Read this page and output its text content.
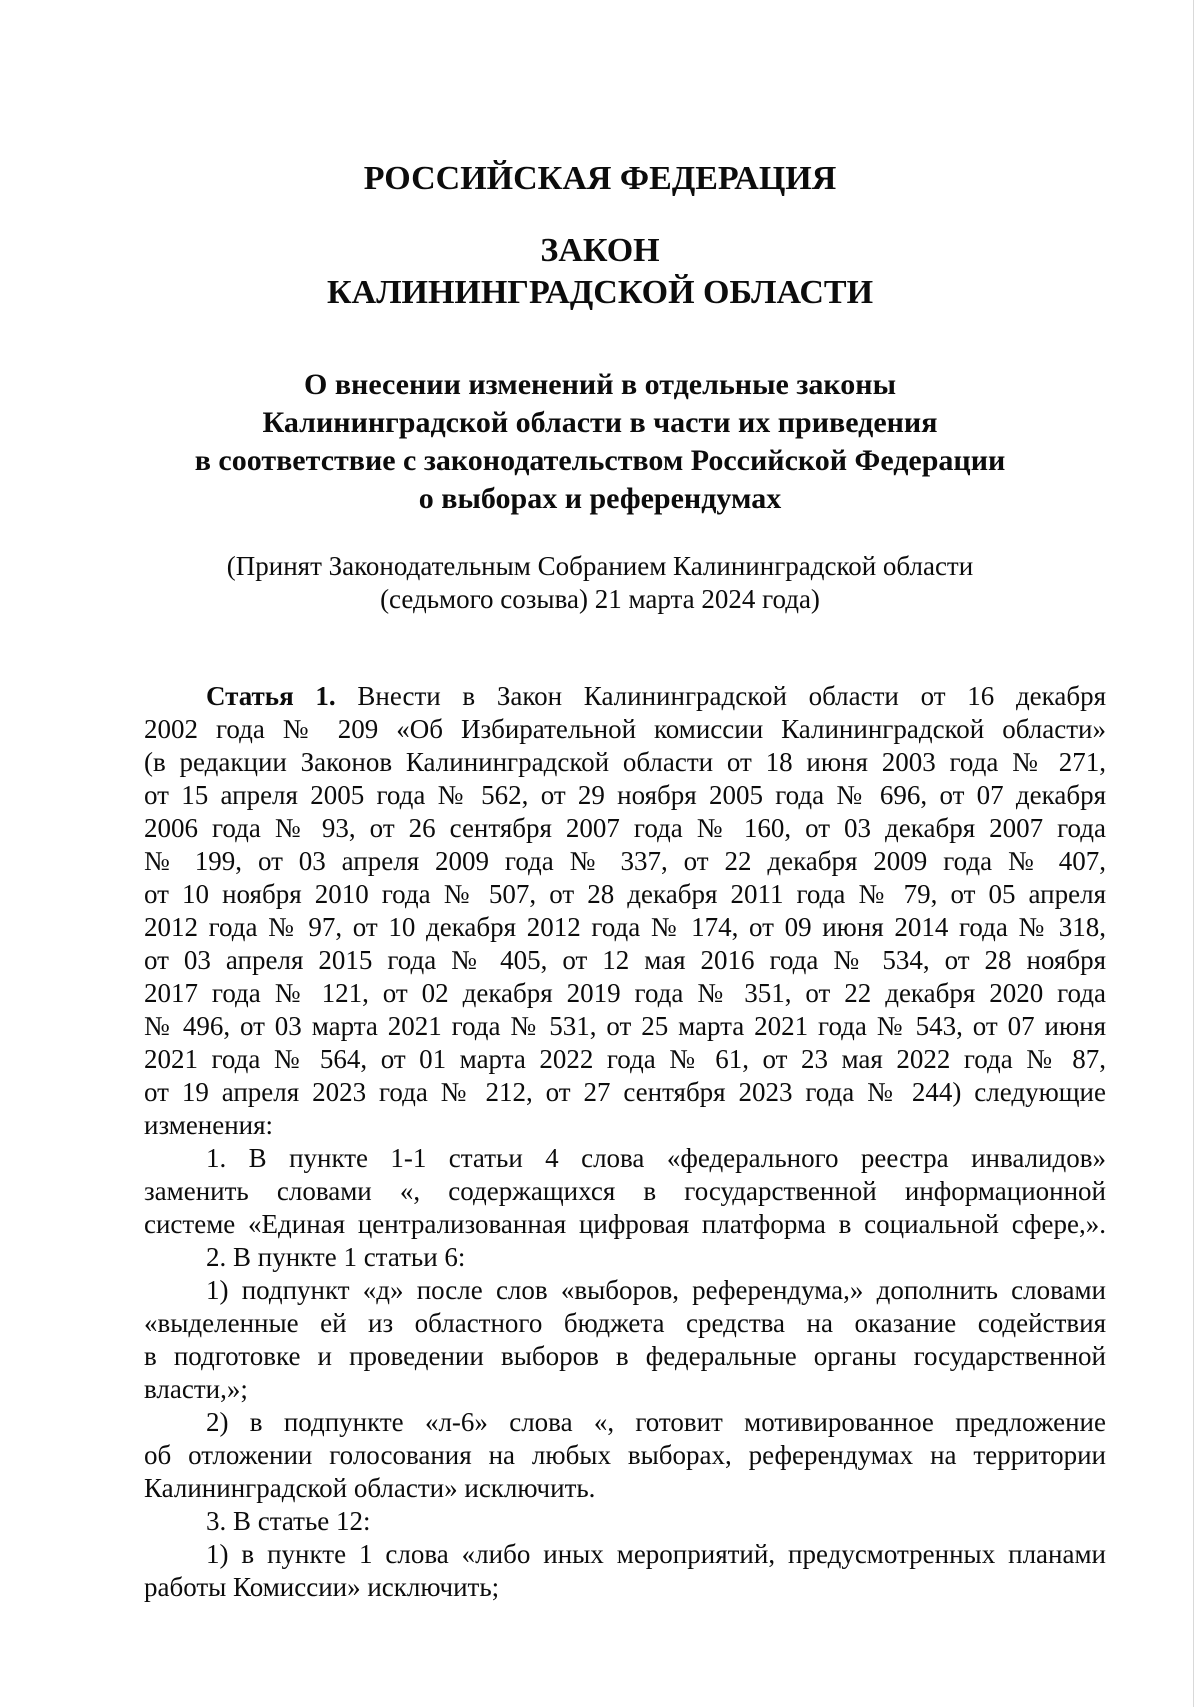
РОССИЙСКАЯ ФЕДЕРАЦИЯ
ЗАКОН
КАЛИНИНГРАДСКОЙ ОБЛАСТИ
О внесении изменений в отдельные законы
Калининградской области в части их приведения
в соответствие с законодательством Российской Федерации
о выборах и референдумах
(Принят Законодательным Собранием Калининградской области
(седьмого созыва) 21 марта 2024 года)
Статья 1. Внести в Закон Калининградской области от 16 декабря
2002 года № 209 «Об Избирательной комиссии Калининградской области»
(в редакции Законов Калининградской области от 18 июня 2003 года № 271,
от 15 апреля 2005 года № 562, от 29 ноября 2005 года № 696, от 07 декабря
2006 года № 93, от 26 сентября 2007 года № 160, от 03 декабря 2007 года
№ 199, от 03 апреля 2009 года № 337, от 22 декабря 2009 года № 407,
от 10 ноября 2010 года № 507, от 28 декабря 2011 года № 79, от 05 апреля
2012 года № 97, от 10 декабря 2012 года № 174, от 09 июня 2014 года № 318,
от 03 апреля 2015 года № 405, от 12 мая 2016 года № 534, от 28 ноября
2017 года № 121, от 02 декабря 2019 года № 351, от 22 декабря 2020 года
№ 496, от 03 марта 2021 года № 531, от 25 марта 2021 года № 543, от 07 июня
2021 года № 564, от 01 марта 2022 года № 61, от 23 мая 2022 года № 87,
от 19 апреля 2023 года № 212, от 27 сентября 2023 года № 244) следующие
изменения:
1. В пункте 1-1 статьи 4 слова «федерального реестра инвалидов»
заменить словами «, содержащихся в государственной информационной
системе «Единая централизованная цифровая платформа в социальной сфере,».
2. В пункте 1 статьи 6:
1) подпункт «д» после слов «выборов, референдума,» дополнить словами
«выделенные ей из областного бюджета средства на оказание содействия
в подготовке и проведении выборов в федеральные органы государственной
власти,»;
2) в подпункте «л-6» слова «, готовит мотивированное предложение
об отложении голосования на любых выборах, референдумах на территории
Калининградской области» исключить.
3. В статье 12:
1) в пункте 1 слова «либо иных мероприятий, предусмотренных планами
работы Комиссии» исключить;
